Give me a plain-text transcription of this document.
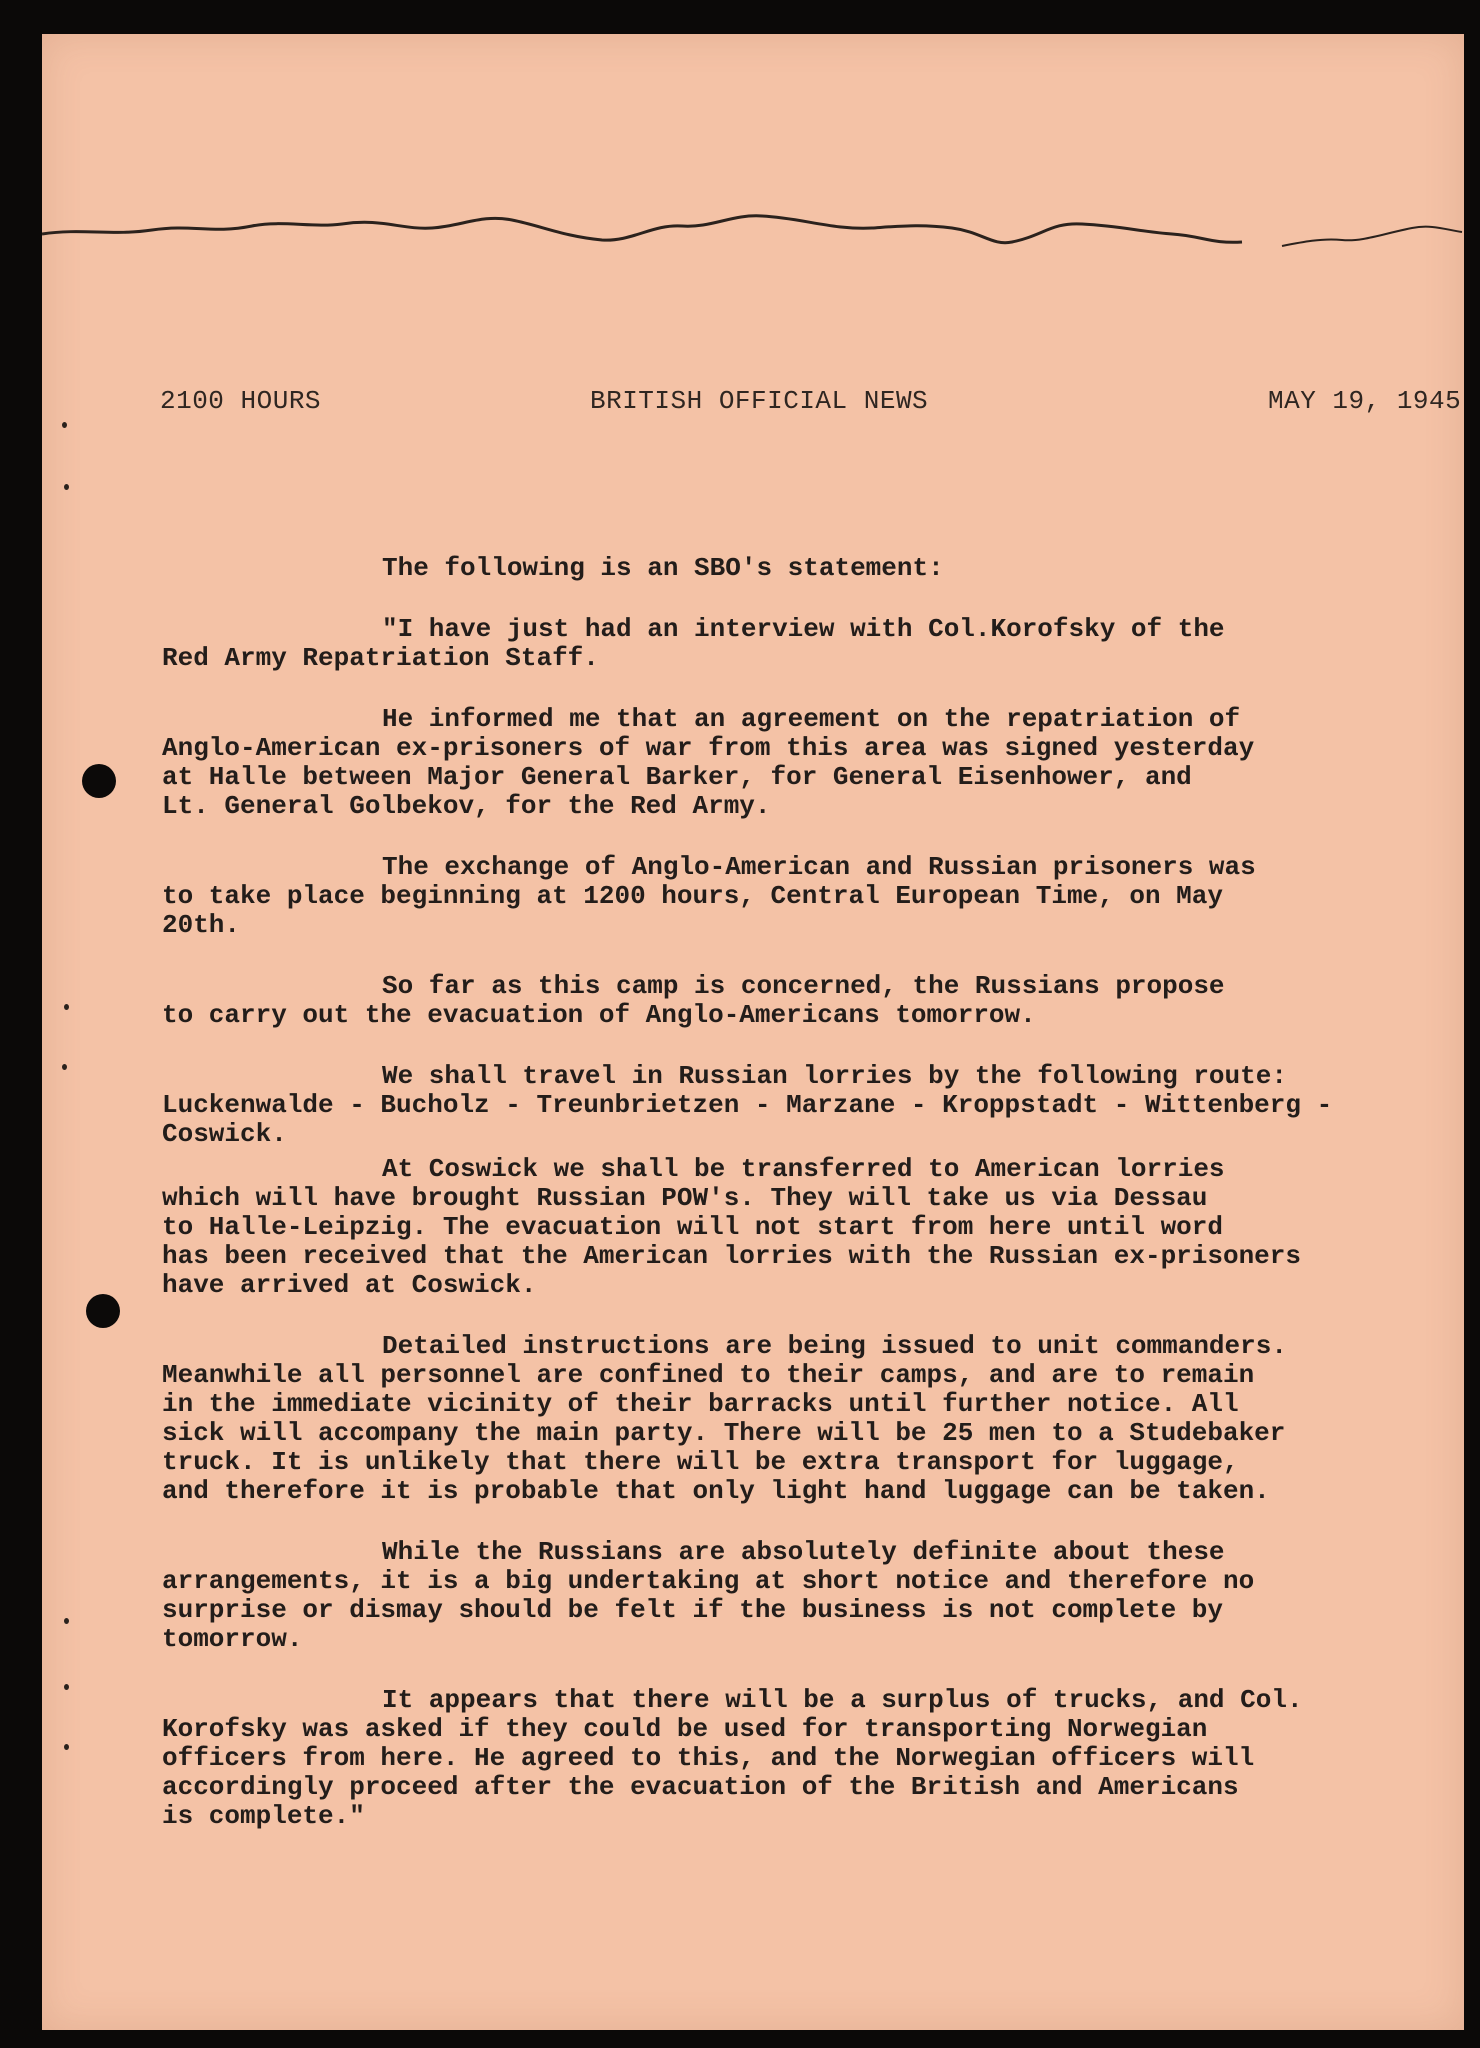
2100 HOURS	BRITISH OFFICIAL NEWS	MAY 19, 1945

The following is an SBO's statement:

"I have just had an interview with Col.Korofsky of the
Red Army Repatriation Staff.

He informed me that an agreement on the repatriation of
Anglo-American ex-prisoners of war from this area was signed yesterday
at Halle between Major General Barker, for General Eisenhower, and
Lt. General Golbekov, for the Red Army.

The exchange of Anglo-American and Russian prisoners was
to take place beginning at 1200 hours, Central European Time, on May
20th.

So far as this camp is concerned, the Russians propose
to carry out the evacuation of Anglo-Americans tomorrow.

We shall travel in Russian lorries by the following route:
Luckenwalde - Bucholz - Treunbrietzen - Marzane - Kroppstadt - Wittenberg -
Coswick.

At Coswick we shall be transferred to American lorries
which will have brought Russian POW's. They will take us via Dessau
to Halle-Leipzig. The evacuation will not start from here until word
has been received that the American lorries with the Russian ex-prisoners
have arrived at Coswick.

Detailed instructions are being issued to unit commanders.
Meanwhile all personnel are confined to their camps, and are to remain
in the immediate vicinity of their barracks until further notice. All
sick will accompany the main party. There will be 25 men to a Studebaker
truck. It is unlikely that there will be extra transport for luggage,
and therefore it is probable that only light hand luggage can be taken.

While the Russians are absolutely definite about these
arrangements, it is a big undertaking at short notice and therefore no
surprise or dismay should be felt if the business is not complete by
tomorrow.

It appears that there will be a surplus of trucks, and Col.
Korofsky was asked if they could be used for transporting Norwegian
officers from here. He agreed to this, and the Norwegian officers will
accordingly proceed after the evacuation of the British and Americans
is complete."
